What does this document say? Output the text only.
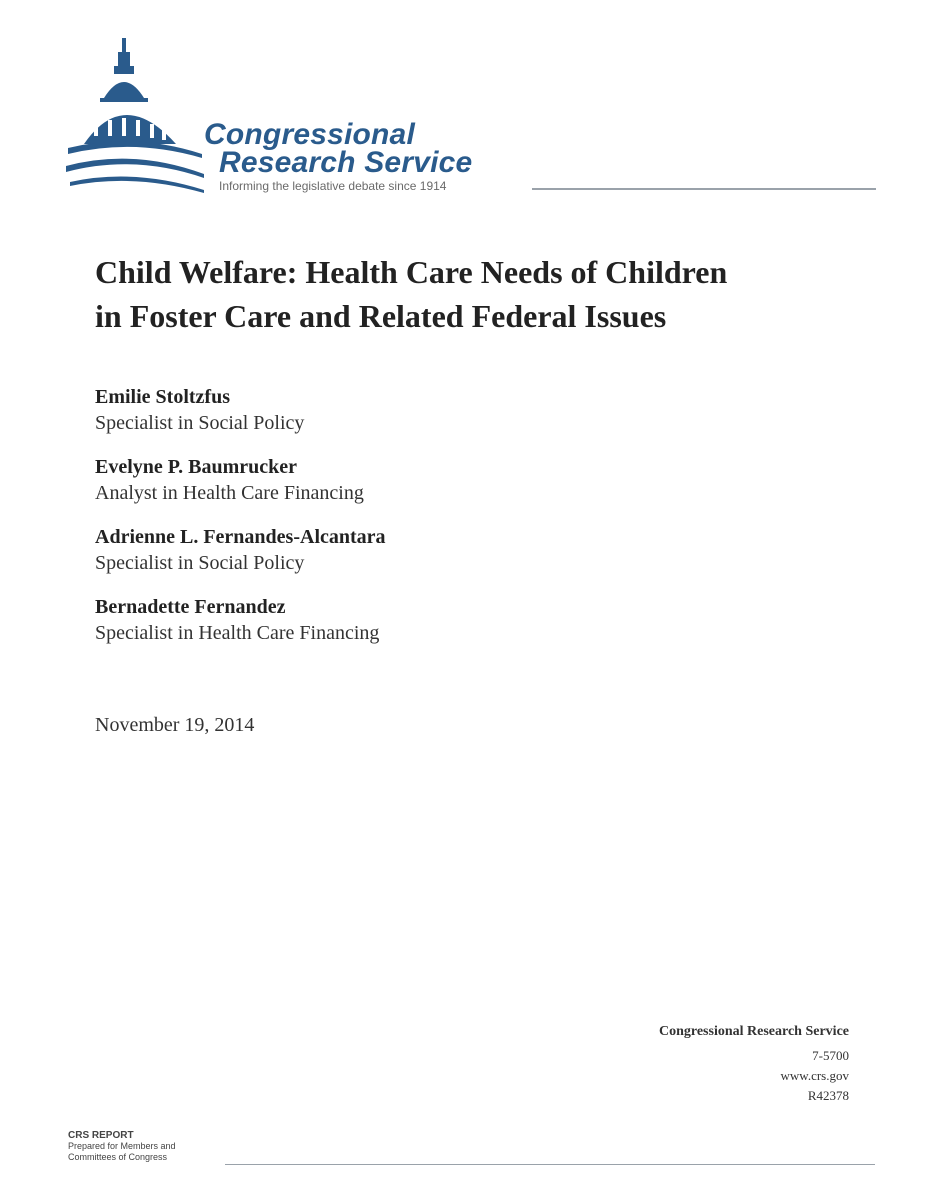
Congressional
Research Service
Informing the legislative debate since 1914
Child Welfare: Health Care Needs of Children
in Foster Care and Related Federal Issues
Emilie Stoltzfus
Specialist in Social Policy
Evelyne P. Baumrucker
Analyst in Health Care Financing
Adrienne L. Fernandes-Alcantara
Specialist in Social Policy
Bernadette Fernandez
Specialist in Health Care Financing
November 19, 2014
Congressional Research Service
7-5700
www.crs.gov
R42378
CRS REPORT
Prepared for Members and
Committees of Congress
